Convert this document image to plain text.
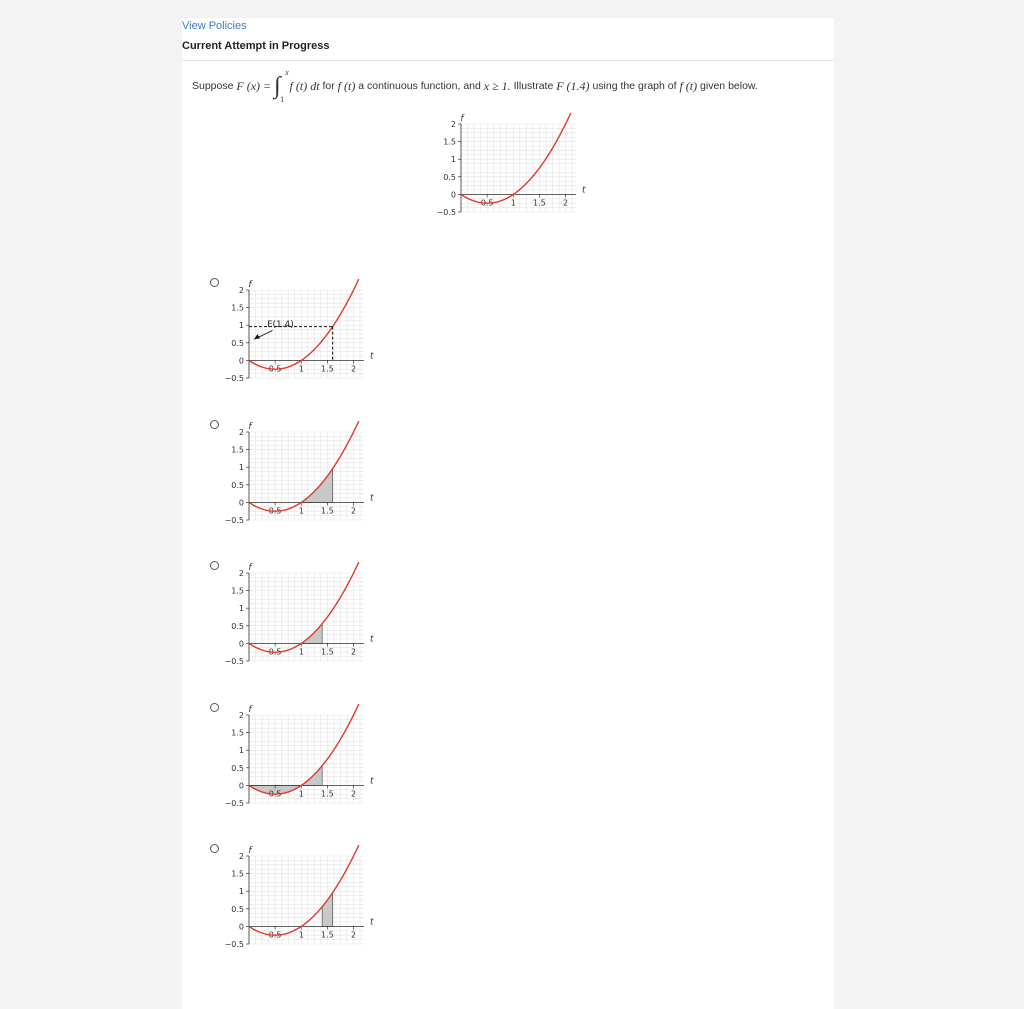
View Policies
Current Attempt in Progress
Suppose
F (x) = ∫
x
1

f (t) dt
for
f (t)
a continuous function, and
x ≥ 1.
Illustrate
F (1.4)
using the graph of
f (t)
given below.
−0.5
0
0.5
1
1.5
2
0.5 1 1.5 2
f
t
−0.5
0
0.5
1
1.5
2
0.5 1 1.5 2
f
t
F(1.4)
−0.5
0
0.5
1
1.5
2
0.5 1 1.5 2
f
t
−0.5
0
0.5
1
1.5
2
0.5 1 1.5 2
f
t
−0.5
0
0.5
1
1.5
2
0.5 1 1.5 2
f
t
−0.5
0
0.5
1
1.5
2
0.5 1 1.5 2
f
t
